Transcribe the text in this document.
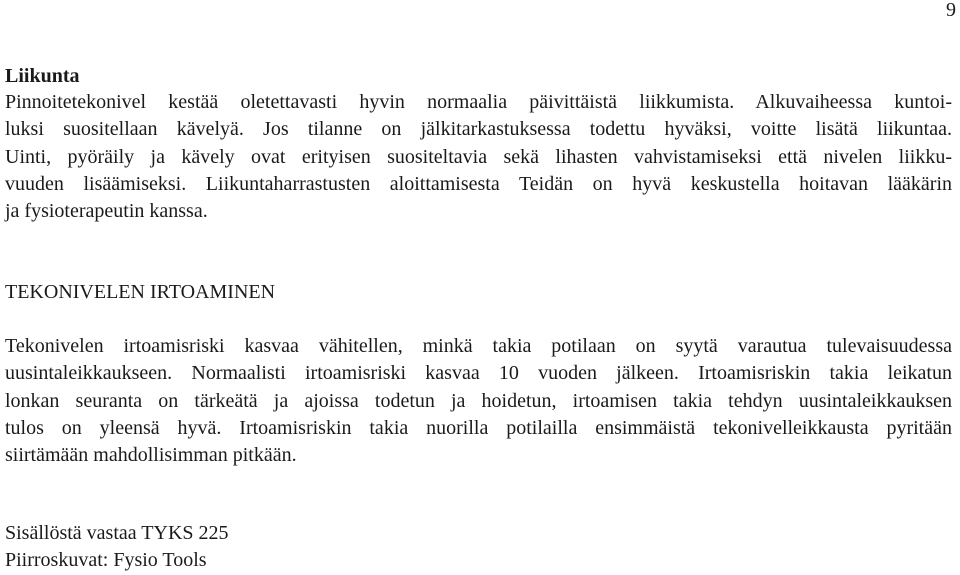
9
Liikunta

Pinnoitetekonivel kestää oletettavasti hyvin normaalia päivittäistä liikkumista. Alkuvaiheessa kuntoi-
luksi suositellaan kävelyä. Jos tilanne on jälkitarkastuksessa todettu hyväksi, voitte lisätä liikuntaa.
Uinti, pyöräily ja kävely ovat erityisen suositeltavia sekä lihasten vahvistamiseksi että nivelen liikku-
vuuden lisäämiseksi. Liikuntaharrastusten aloittamisesta Teidän on hyvä keskustella hoitavan lääkärin
ja fysioterapeutin kanssa.

TEKONIVELEN IRTOAMINEN

Tekonivelen irtoamisriski kasvaa vähitellen, minkä takia potilaan on syytä varautua tulevaisuudessa
uusintaleikkaukseen. Normaalisti irtoamisriski kasvaa 10 vuoden jälkeen. Irtoamisriskin takia leikatun
lonkan seuranta on tärkeätä ja ajoissa todetun ja hoidetun, irtoamisen takia tehdyn uusintaleikkauksen
tulos on yleensä hyvä. Irtoamisriskin takia nuorilla potilailla ensimmäistä tekonivelleikkausta pyritään
siirtämään mahdollisimman pitkään.

Sisällöstä vastaa TYKS 225

Piirroskuvat: Fysio Tools
